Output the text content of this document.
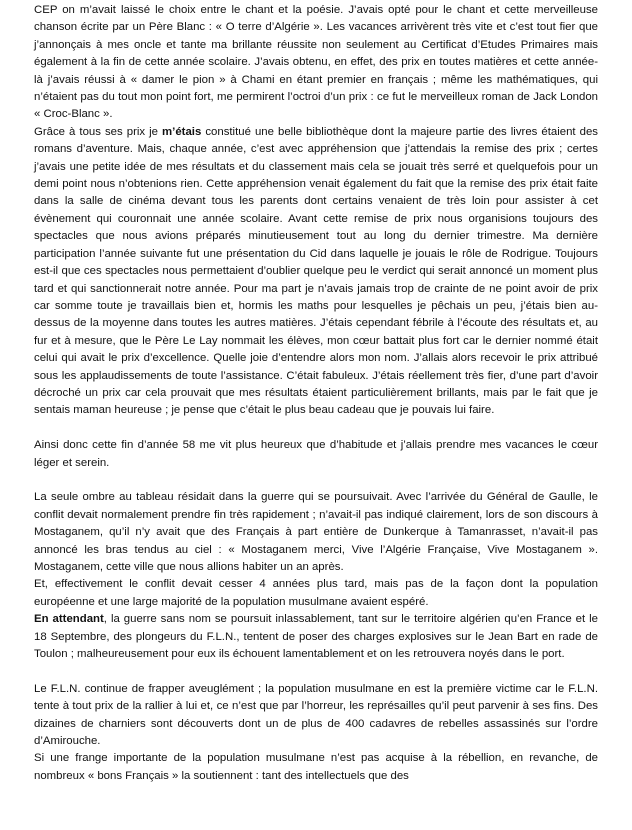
CEP on m’avait laissé le choix entre le chant et la poésie. J’avais opté pour le chant et cette merveilleuse chanson écrite par un Père Blanc : « O terre d’Algérie ». Les vacances arrivèrent très vite et c’est tout fier que j’annonçais à mes oncle et tante ma brillante réussite non seulement au Certificat d’Etudes Primaires mais également à la fin de cette année scolaire. J’avais obtenu, en effet, des prix en toutes matières et cette année-là j’avais réussi à « damer le pion » à Chami en étant premier en français ; même les mathématiques, qui n’étaient pas du tout mon point fort, me permirent l’octroi d’un prix : ce fut le merveilleux roman de Jack London « Croc-Blanc ».

Grâce à tous ses prix je m’étais constitué une belle bibliothèque dont la majeure partie des livres étaient des romans d’aventure. Mais, chaque année, c’est avec appréhension que j’attendais la remise des prix ; certes j’avais une petite idée de mes résultats et du classement mais cela se jouait très serré et quelquefois pour un demi point nous n’obtenions rien. Cette appréhension venait également du fait que la remise des prix était faite dans la salle de cinéma devant tous les parents dont certains venaient de très loin pour assister à cet évènement qui couronnait une année scolaire. Avant cette remise de prix nous organisions toujours des spectacles que nous avions préparés minutieusement tout au long du dernier trimestre. Ma dernière participation l’année suivante fut une présentation du Cid dans laquelle je jouais le rôle de Rodrigue. Toujours est-il que ces spectacles nous permettaient d’oublier quelque peu le verdict qui serait annoncé un moment plus tard et qui sanctionnerait notre année. Pour ma part je n’avais jamais trop de crainte de ne point avoir de prix car somme toute je travaillais bien et, hormis les maths pour lesquelles je pêchais un peu, j’étais bien au-dessus de la moyenne dans toutes les autres matières. J’étais cependant fébrile à l’écoute des résultats et, au fur et à mesure, que le Père Le Lay nommait les élèves, mon cœur battait plus fort car le dernier nommé était celui qui avait le prix d’excellence. Quelle joie d’entendre alors mon nom. J’allais alors recevoir le prix attribué sous les applaudissements de toute l’assistance. C’était fabuleux. J’étais réellement très fier, d’une part d’avoir décroché un prix car cela prouvait que mes résultats étaient particulièrement brillants, mais par le fait que je sentais maman heureuse ; je pense que c’était le plus beau cadeau que je pouvais lui faire.

Ainsi donc cette fin d’année 58 me vit plus heureux que d’habitude et j’allais prendre mes vacances le cœur léger et serein.

La seule ombre au tableau résidait dans la guerre qui se poursuivait. Avec l’arrivée du Général de Gaulle, le conflit devait normalement prendre fin très rapidement ; n’avait-il pas indiqué clairement, lors de son discours à Mostaganem, qu’il n’y avait que des Français à part entière de Dunkerque à Tamanrasset, n’avait-il pas annoncé les bras tendus au ciel : « Mostaganem merci, Vive l’Algérie Française, Vive Mostaganem ». Mostaganem, cette ville que nous allions habiter un an après.

Et, effectivement le conflit devait cesser 4 années plus tard, mais pas de la façon dont la population européenne et une large majorité de la population musulmane avaient espéré.

En attendant, la guerre sans nom se poursuit inlassablement, tant sur le territoire algérien qu’en France et le 18 Septembre, des plongeurs du F.L.N., tentent de poser des charges explosives sur le Jean Bart en rade de Toulon ; malheureusement pour eux ils échouent lamentablement et on les retrouvera noyés dans le port.

Le F.L.N. continue de frapper aveuglément ; la population musulmane en est la première victime car le F.L.N. tente à tout prix de la rallier à lui et, ce n’est que par l’horreur, les représailles qu’il peut parvenir à ses fins. Des dizaines de charniers sont découverts dont un de plus de 400 cadavres de rebelles assassinés sur l’ordre d’Amirouche.

Si une frange importante de la population musulmane n’est pas acquise à la rébellion, en revanche, de nombreux « bons Français » la soutiennent : tant des intellectuels que des
